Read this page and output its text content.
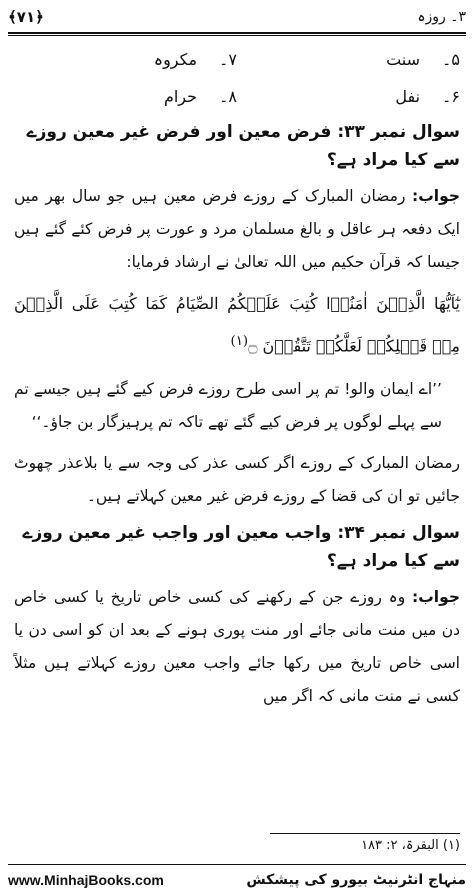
﴾۷۱﴿	۳۔ روزہ
۵۔
سنت
۷۔
مکروہ
۶۔
نفل
۸۔
حرام
سوال نمبر ۳۳: فرض معین اور فرض غیر معین روزے سے کیا مراد ہے؟

جواب: رمضان المبارک کے روزے فرض معین ہیں جو سال بھر میں ایک دفعہ ہر عاقل و بالغ مسلمان مرد و عورت پر فرض کئے گئے ہیں جیسا کہ قرآن حکیم میں اللہ تعالیٰ نے ارشاد فرمایا:

يٰٓاَيُّهَا الَّذِيۡنَ اٰمَنُوۡا كُتِبَ عَلَيۡكُمُ الصِّيَامُ كَمَا كُتِبَ عَلَى الَّذِيۡنَ مِنۡ قَبۡلِكُمۡ لَعَلَّكُمۡ تَتَّقُوۡنَ ۝$^{(۱)}$

’’اے ایمان والو! تم پر اسی طرح روزے فرض کیے گئے ہیں جیسے تم سے پہلے لوگوں پر فرض کیے گئے تھے تاکہ تم پرہیزگار بن جاؤ۔‘‘

رمضان المبارک کے روزے اگر کسی عذر کی وجہ سے یا بلاعذر چھوٹ جائیں تو ان کی قضا کے روزے فرض غیر معین کہلاتے ہیں۔

سوال نمبر ۳۴: واجب معین اور واجب غیر معین روزے سے کیا مراد ہے؟

جواب: وہ روزے جن کے رکھنے کی کسی خاص تاریخ یا کسی خاص دن میں منت مانی جائے اور منت پوری ہونے کے بعد ان کو اسی دن یا اسی خاص تاریخ میں رکھا جائے واجب معین روزے کہلاتے ہیں مثلاً کسی نے منت مانی کہ اگر میں

(۱) البقرۃ، ۲: ۱۸۳
www.MinhajBooks.com	منہاج انٹرنیٹ بیورو کی پیشکش
